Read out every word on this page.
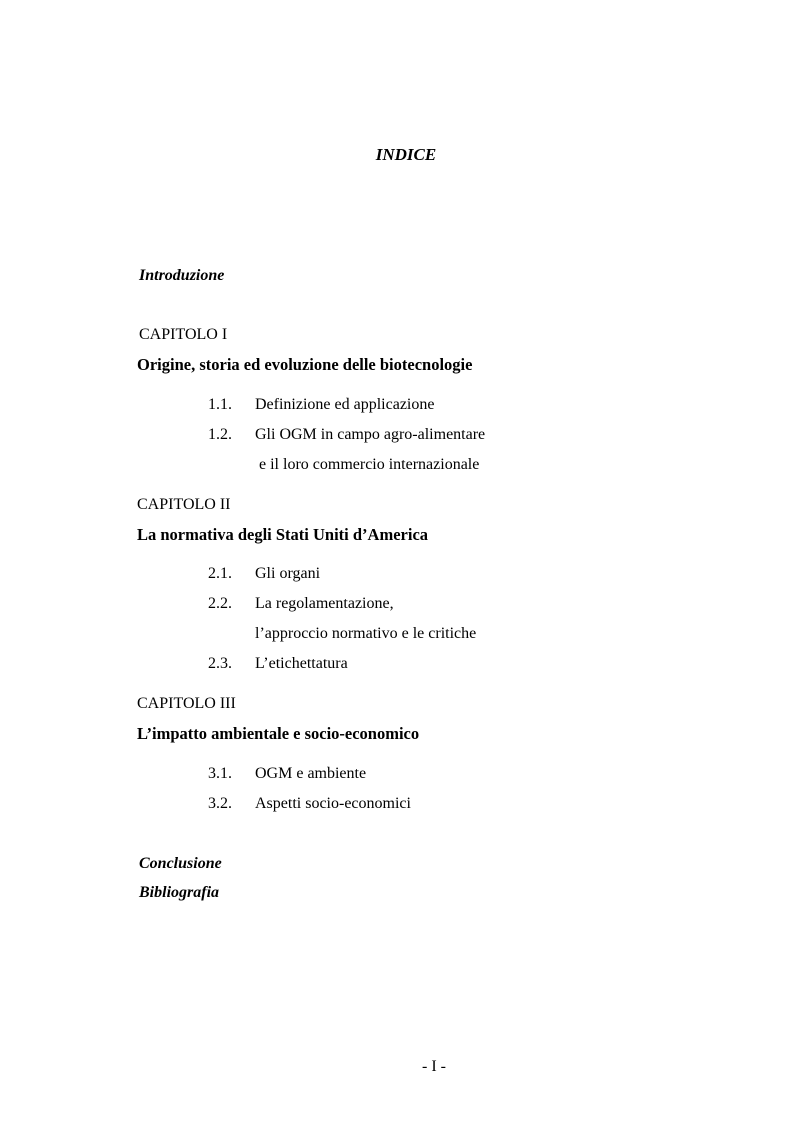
INDICE
Introduzione
CAPITOLO I
Origine, storia ed evoluzione delle biotecnologie
1.1. Definizione ed applicazione
1.2. Gli OGM in campo agro-alimentare
e il loro commercio internazionale
CAPITOLO II
La normativa degli Stati Uniti d’America
2.1. Gli organi
2.2. La regolamentazione,
l’approccio normativo e le critiche
2.3. L’etichettatura
CAPITOLO III
L’impatto ambientale e socio-economico
3.1. OGM e ambiente
3.2. Aspetti socio-economici
Conclusione
Bibliografia
- I -
